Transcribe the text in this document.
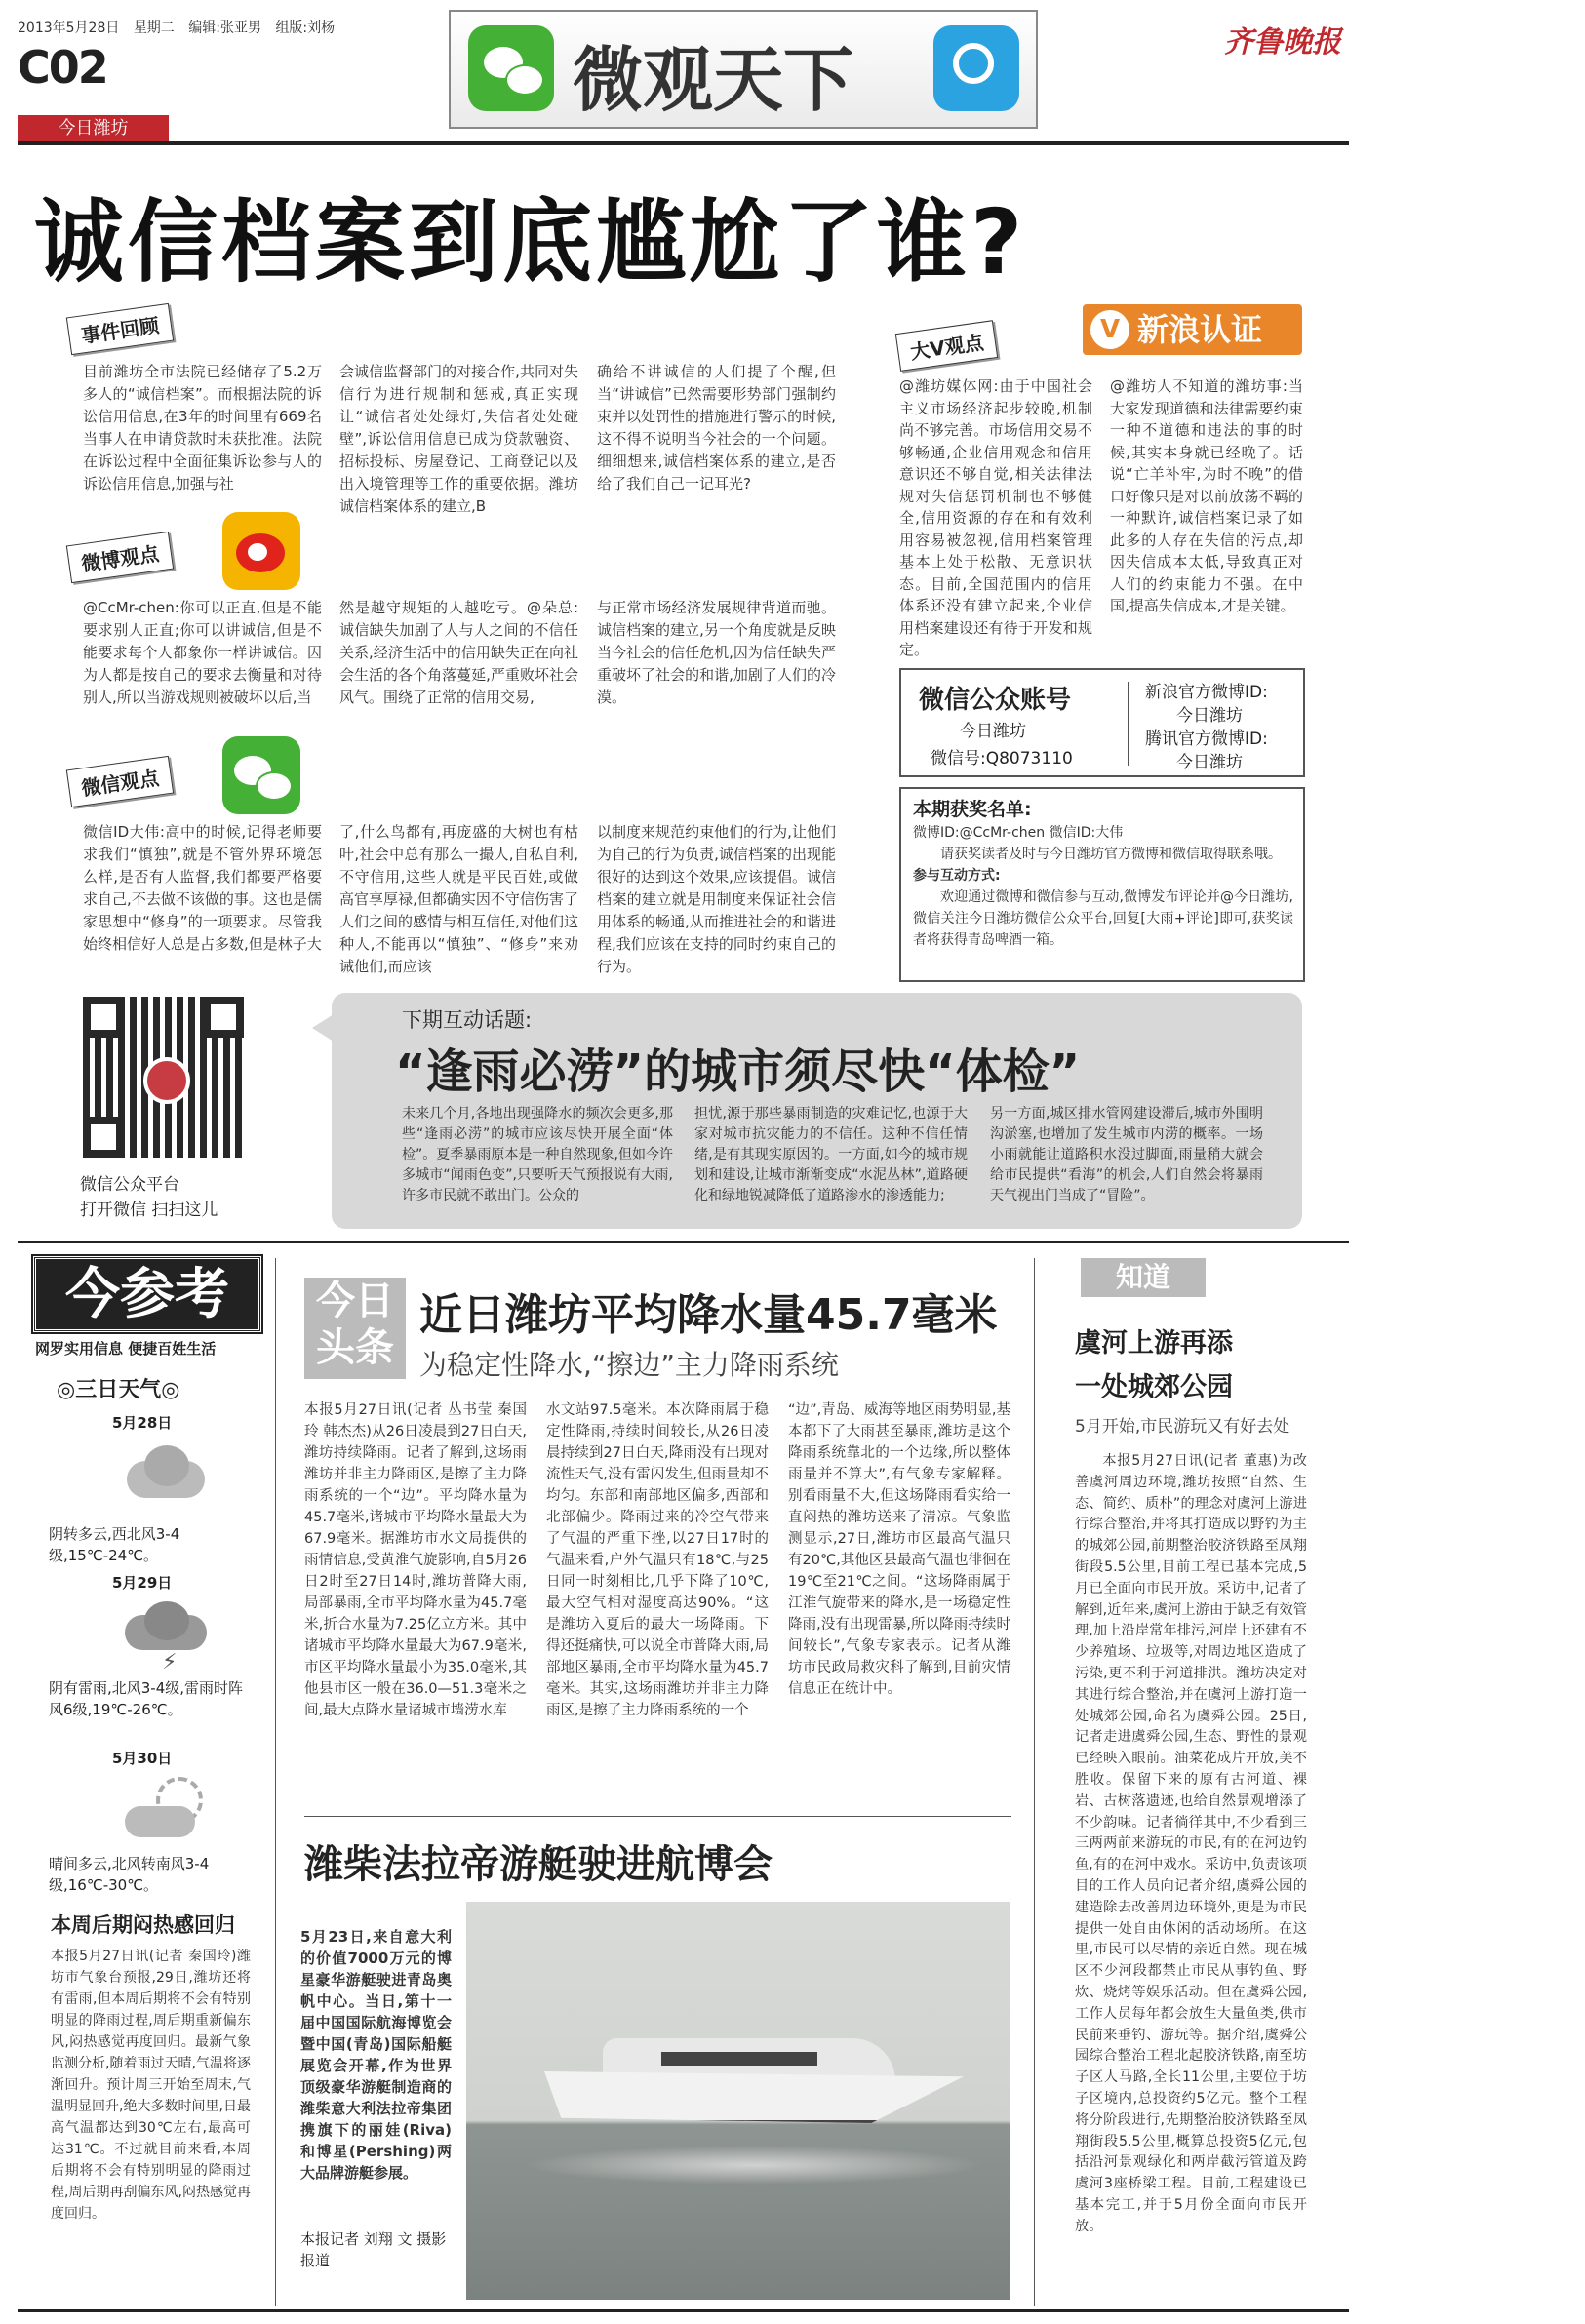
2013年5月28日 星期二 编辑:张亚男 组版:刘杨
C02
今日潍坊
微观天下	齐鲁晚报
诚信档案到底尴尬了谁?
事件回顾
目前潍坊全市法院已经储存了5.2万多人的“诚信档案”。而根据法院的诉讼信用信息,在3年的时间里有669名当事人在申请贷款时未获批准。法院在诉讼过程中全面征集诉讼参与人的诉讼信用信息,加强与社
会诚信监督部门的对接合作,共同对失信行为进行规制和惩戒,真正实现让“诚信者处处绿灯,失信者处处碰壁”,诉讼信用信息已成为贷款融资、招标投标、房屋登记、工商登记以及出入境管理等工作的重要依据。潍坊诚信档案体系的建立,B
确给不讲诚信的人们提了个醒,但当“讲诚信”已然需要形势部门强制约束并以处罚性的措施进行警示的时候,这不得不说明当今社会的一个问题。细细想来,诚信档案体系的建立,是否给了我们自己一记耳光?
微博观点
@CcMr-chen:你可以正直,但是不能要求别人正直;你可以讲诚信,但是不能要求每个人都象你一样讲诚信。因为人都是按自己的要求去衡量和对待别人,所以当游戏规则被破坏以后,当
然是越守规矩的人越吃亏。@朵总:诚信缺失加剧了人与人之间的不信任关系,经济生活中的信用缺失正在向社会生活的各个角落蔓延,严重败坏社会风气。围绕了正常的信用交易,
与正常市场经济发展规律背道而驰。诚信档案的建立,另一个角度就是反映当今社会的信任危机,因为信任缺失严重破坏了社会的和谐,加剧了人们的冷漠。
微信观点
微信ID大伟:高中的时候,记得老师要求我们“慎独”,就是不管外界环境怎么样,是否有人监督,我们都要严格要求自己,不去做不该做的事。这也是儒家思想中“修身”的一项要求。尽管我始终相信好人总是占多数,但是林子大
了,什么鸟都有,再庞盛的大树也有枯叶,社会中总有那么一撮人,自私自利,不守信用,这些人就是平民百姓,或做高官享厚禄,但都确实因不守信伤害了人们之间的感情与相互信任,对他们这种人,不能再以“慎独”、“修身”来劝诫他们,而应该
以制度来规范约束他们的行为,让他们为自己的行为负责,诚信档案的出现能很好的达到这个效果,应该提倡。诚信档案的建立就是用制度来保证社会信用体系的畅通,从而推进社会的和谐进程,我们应该在支持的同时约束自己的行为。
大V观点
V 新浪认证
@潍坊媒体网:由于中国社会主义市场经济起步较晚,机制尚不够完善。市场信用交易不够畅通,企业信用观念和信用意识还不够自觉,相关法律法规对失信惩罚机制也不够健全,信用资源的存在和有效利用容易被忽视,信用档案管理基本上处于松散、无意识状态。目前,全国范围内的信用体系还没有建立起来,企业信用档案建设还有待于开发和规定。
@潍坊人不知道的潍坊事:当大家发现道德和法律需要约束一种不道德和违法的事的时候,其实本身就已经晚了。话说“亡羊补牢,为时不晚”的借口好像只是对以前放荡不羁的一种默许,诚信档案记录了如此多的人存在失信的污点,却因失信成本太低,导致真正对人们的约束能力不强。在中国,提高失信成本,才是关键。
微信公众账号
今日潍坊
微信号:Q8073110
新浪官方微博ID:
今日潍坊
腾讯官方微博ID:
今日潍坊
本期获奖名单:
微博ID:@CcMr-chen 微信ID:大伟
请获奖读者及时与今日潍坊官方微博和微信取得联系哦。
参与互动方式:
欢迎通过微博和微信参与互动,微博发布评论并@今日潍坊,微信关注今日潍坊微信公众平台,回复[大雨+评论]即可,获奖读者将获得青岛啤酒一箱。
微信公众平台
打开微信 扫扫这儿
下期互动话题:
“逢雨必涝”的城市须尽快“体检”
未来几个月,各地出现强降水的频次会更多,那些“逢雨必涝”的城市应该尽快开展全面“体检”。夏季暴雨原本是一种自然现象,但如今许多城市“闻雨色变”,只要听天气预报说有大雨,许多市民就不敢出门。公众的
担忧,源于那些暴雨制造的灾难记忆,也源于大家对城市抗灾能力的不信任。这种不信任情绪,是有其现实原因的。一方面,如今的城市规划和建设,让城市渐渐变成“水泥丛林”,道路硬化和绿地锐减降低了道路渗水的渗透能力;
另一方面,城区排水管网建设滞后,城市外围明沟淤塞,也增加了发生城市内涝的概率。一场小雨就能让道路积水没过脚面,雨量稍大就会给市民提供“看海”的机会,人们自然会将暴雨天气视出门当成了“冒险”。
今参考
网罗实用信息 便捷百姓生活
◎三日天气◎
5月28日
阴转多云,西北风3-4级,15℃-24℃。
5月29日
⚡
阴有雷雨,北风3-4级,雷雨时阵风6级,19℃-26℃。
5月30日
晴间多云,北风转南风3-4级,16℃-30℃。
本周后期闷热感回归
本报5月27日讯(记者 秦国玲)潍坊市气象台预报,29日,潍坊还将有雷雨,但本周后期将不会有特别明显的降雨过程,周后期重新偏东风,闷热感觉再度回归。最新气象监测分析,随着雨过天晴,气温将逐渐回升。预计周三开始至周末,气温明显回升,绝大多数时间里,日最高气温都达到30℃左右,最高可达31℃。不过就目前来看,本周后期将不会有特别明显的降雨过程,周后期再刮偏东风,闷热感觉再度回归。
今日
头条
近日潍坊平均降水量45.7毫米
为稳定性降水,“擦边”主力降雨系统
本报5月27日讯(记者 丛书莹 秦国玲 韩杰杰)从26日凌晨到27日白天,潍坊持续降雨。记者了解到,这场雨潍坊并非主力降雨区,是擦了主力降雨系统的一个“边”。平均降水量为45.7毫米,诸城市平均降水量最大为67.9毫米。据潍坊市水文局提供的雨情信息,受黄淮气旋影响,自5月26日2时至27日14时,潍坊普降大雨,局部暴雨,全市平均降水量为45.7毫米,折合水量为7.25亿立方米。其中诸城市平均降水量最大为67.9毫米,市区平均降水量最小为35.0毫米,其他县市区一般在36.0—51.3毫米之间,最大点降水量诸城市墙涝水库
水文站97.5毫米。本次降雨属于稳定性降雨,持续时间较长,从26日凌晨持续到27日白天,降雨没有出现对流性天气,没有雷闪发生,但雨量却不均匀。东部和南部地区偏多,西部和北部偏少。降雨过来的冷空气带来了气温的严重下挫,以27日17时的气温来看,户外气温只有18℃,与25日同一时刻相比,几乎下降了10℃,最大空气相对湿度高达90%。“这是潍坊入夏后的最大一场降雨。下得还挺痛快,可以说全市普降大雨,局部地区暴雨,全市平均降水量为45.7毫米。其实,这场雨潍坊并非主力降雨区,是擦了主力降雨系统的一个
“边”,青岛、威海等地区雨势明显,基本都下了大雨甚至暴雨,潍坊是这个降雨系统靠北的一个边缘,所以整体雨量并不算大”,有气象专家解释。别看雨量不大,但这场降雨看实给一直闷热的潍坊送来了清凉。气象监测显示,27日,潍坊市区最高气温只有20℃,其他区县最高气温也徘徊在19℃至21℃之间。“这场降雨属于江淮气旋带来的降水,是一场稳定性降雨,没有出现雷暴,所以降雨持续时间较长”,气象专家表示。记者从潍坊市民政局救灾科了解到,目前灾情信息正在统计中。
潍柴法拉帝游艇驶进航博会
5月23日,来自意大利的价值7000万元的博星豪华游艇驶进青岛奥帆中心。当日,第十一届中国国际航海博览会暨中国(青岛)国际船艇展览会开幕,作为世界顶级豪华游艇制造商的潍柴意大利法拉帝集团携旗下的丽娃(Riva)和博星(Pershing)两大品牌游艇参展。
本报记者 刘翔 文 摄影报道
知道
虞河上游再添
一处城郊公园
5月开始,市民游玩又有好去处
本报5月27日讯(记者 董惠)为改善虞河周边环境,潍坊按照“自然、生态、简约、质朴”的理念对虞河上游进行综合整治,并将其打造成以野钓为主的城郊公园,前期整治胶济铁路至凤翔街段5.5公里,目前工程已基本完成,5月已全面向市民开放。采访中,记者了解到,近年来,虞河上游由于缺乏有效管理,加上沿岸常年排污,河岸上还建有不少养殖场、垃圾等,对周边地区造成了污染,更不利于河道排洪。潍坊决定对其进行综合整治,并在虞河上游打造一处城郊公园,命名为虞舜公园。25日,记者走进虞舜公园,生态、野性的景观已经映入眼前。油菜花成片开放,美不胜收。保留下来的原有古河道、裸岩、古树落遗迹,也给自然景观增添了不少韵味。记者徜徉其中,不少看到三三两两前来游玩的市民,有的在河边钓鱼,有的在河中戏水。采访中,负责该项目的工作人员向记者介绍,虞舜公园的建造除去改善周边环境外,更是为市民提供一处自由休闲的活动场所。在这里,市民可以尽情的亲近自然。现在城区不少河段都禁止市民从事钓鱼、野炊、烧烤等娱乐活动。但在虞舜公园,工作人员每年都会放生大量鱼类,供市民前来垂钓、游玩等。据介绍,虞舜公园综合整治工程北起胶济铁路,南至坊子区人马路,全长11公里,主要位于坊子区境内,总投资约5亿元。整个工程将分阶段进行,先期整治胶济铁路至凤翔街段5.5公里,概算总投资5亿元,包括沿河景观绿化和两岸截污管道及跨虞河3座桥梁工程。目前,工程建设已基本完工,并于5月份全面向市民开放。
